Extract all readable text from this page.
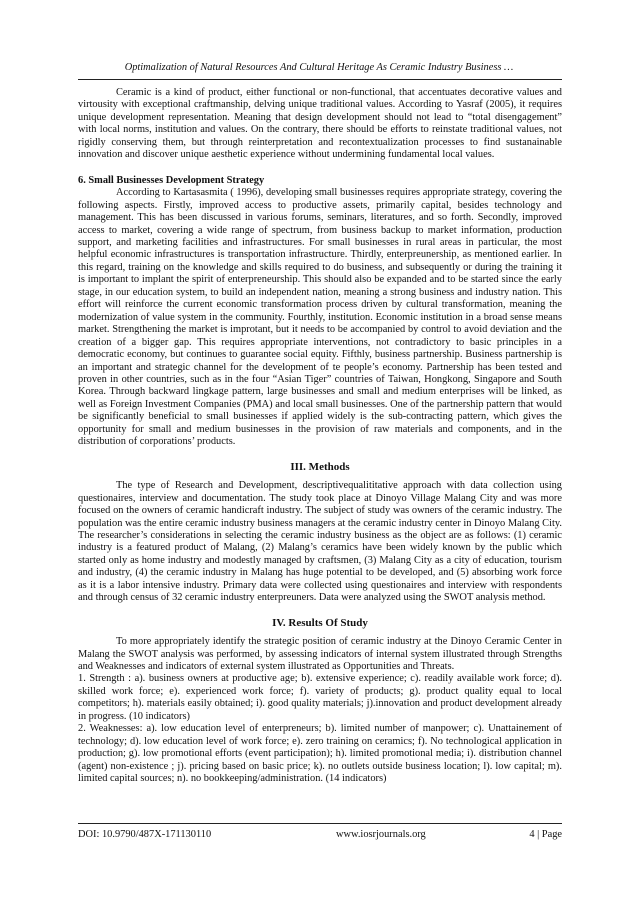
Optimalization of Natural Resources And Cultural Heritage As Ceramic Industry Business …

Ceramic is a kind of product, either functional or non-functional, that accentuates decorative values and virtousity with exceptional craftmanship, delving unique traditional values. According to Yasraf (2005), it requires unique development representation. Meaning that design development should not lead to “total disengagement” with local norms, institution and values. On the contrary, there should be efforts to reinstate traditional values, not rigidly conserving them, but through reinterpretation and recontextualization processes to find sustanainable innovation and discover unique aesthetic experience without undermining fundamental local values.

6. Small Businesses Development Strategy

According to Kartasasmita ( 1996), developing small businesses requires appropriate strategy, covering the following aspects. Firstly, improved access to productive assets, primarily capital, besides technology and management. This has been discussed in various forums, seminars, literatures, and so forth. Secondly, improved access to market, covering a wide range of spectrum, from business backup to market information, production support, and marketing facilities and infrastructures. For small businesses in rural areas in particular, the most helpful economic infrastructures is transportation infrastructure. Thirdly, enterpreunership, as mentioned earlier. In this regard, training on the knowledge and skills required to do business, and subsequently or during the training it is important to implant the spirit of enterpreneurship. This should also be expanded and to be started since the early stage, in our education system, to build an independent nation, meaning a strong business and industry nation. This effort will reinforce the current economic transformation process driven by cultural transformation, meaning the modernization of value system in the community. Fourthly, institution. Economic institution in a broad sense means market. Strengthening the market is improtant, but it needs to be accompanied by control to avoid deviation and the creation of a bigger gap. This requires appropriate interventions, not contradictory to basic principles in a democratic economy, but continues to guarantee social equity. Fifthly, business partnership. Business partnership is an important and strategic channel for the development of te people’s economy. Partnership has been tested and proven in other countries, such as in the four “Asian Tiger” countries of Taiwan, Hongkong, Singapore and South Korea. Through backward lingkage pattern, large businesses and small and medium enterprises will be linked, as well as Foreign Investment Companies (PMA) and local small businesses. One of the partnership pattern that would be significantly beneficial to small businesses if applied widely is the sub-contracting pattern, which gives the opportunity for small and medium businesses in the provision of raw materials and components, and in the distribution of corporations’ products.

III. Methods

The type of Research and Development, descriptivequalititative approach with data collection using questionaires, interview and documentation. The study took place at Dinoyo Village Malang City and was more focused on the owners of ceramic handicraft industry. The subject of study was owners of the ceramic industry. The population was the entire ceramic industry business managers at the ceramic industry center in Dinoyo Malang City. The researcher’s considerations in selecting the ceramic industry business as the object are as follows: (1) ceramic industry is a featured product of Malang, (2) Malang’s ceramics have been widely known by the public which started only as home industry and modestly managed by craftsmen, (3) Malang City as a city of education, tourism and industry, (4) the ceramic industry in Malang has huge potential to be developed, and (5) absorbing work force as it is a labor intensive industry. Primary data were collected using questionaires and interview with respondents and through census of 32 ceramic industry enterpreuners. Data were analyzed using the SWOT analysis method.

IV. Results Of Study

To more appropriately identify the strategic position of ceramic industry at the Dinoyo Ceramic Center in Malang the SWOT analysis was performed, by assessing indicators of internal system illustrated through Strengths and Weaknesses and indicators of external system illustrated as Opportunities and Threats.

1. Strength : a). business owners at productive age; b). extensive experience; c). readily available work force; d). skilled work force; e). experienced work force; f). variety of products; g). product quality equal to local competitors; h). materials easily obtained; i). good quality materials; j).innovation and product development already in progress. (10 indicators)

2. Weaknesses: a). low education level of enterpreneurs; b). limited number of manpower; c). Unattainement of technology; d). low education level of work force; e). zero training on ceramics; f). No technological application in production; g). low promotional efforts (event participation); h). limited promotional media; i). distribution channel (agent) non-existence ; j). pricing based on basic price; k). no outlets outside business location; l). low capital; m). limited capital sources; n). no bookkeeping/administration. (14 indicators)

DOI: 10.9790/487X-171130110	www.iosrjournals.org	4 | Page
